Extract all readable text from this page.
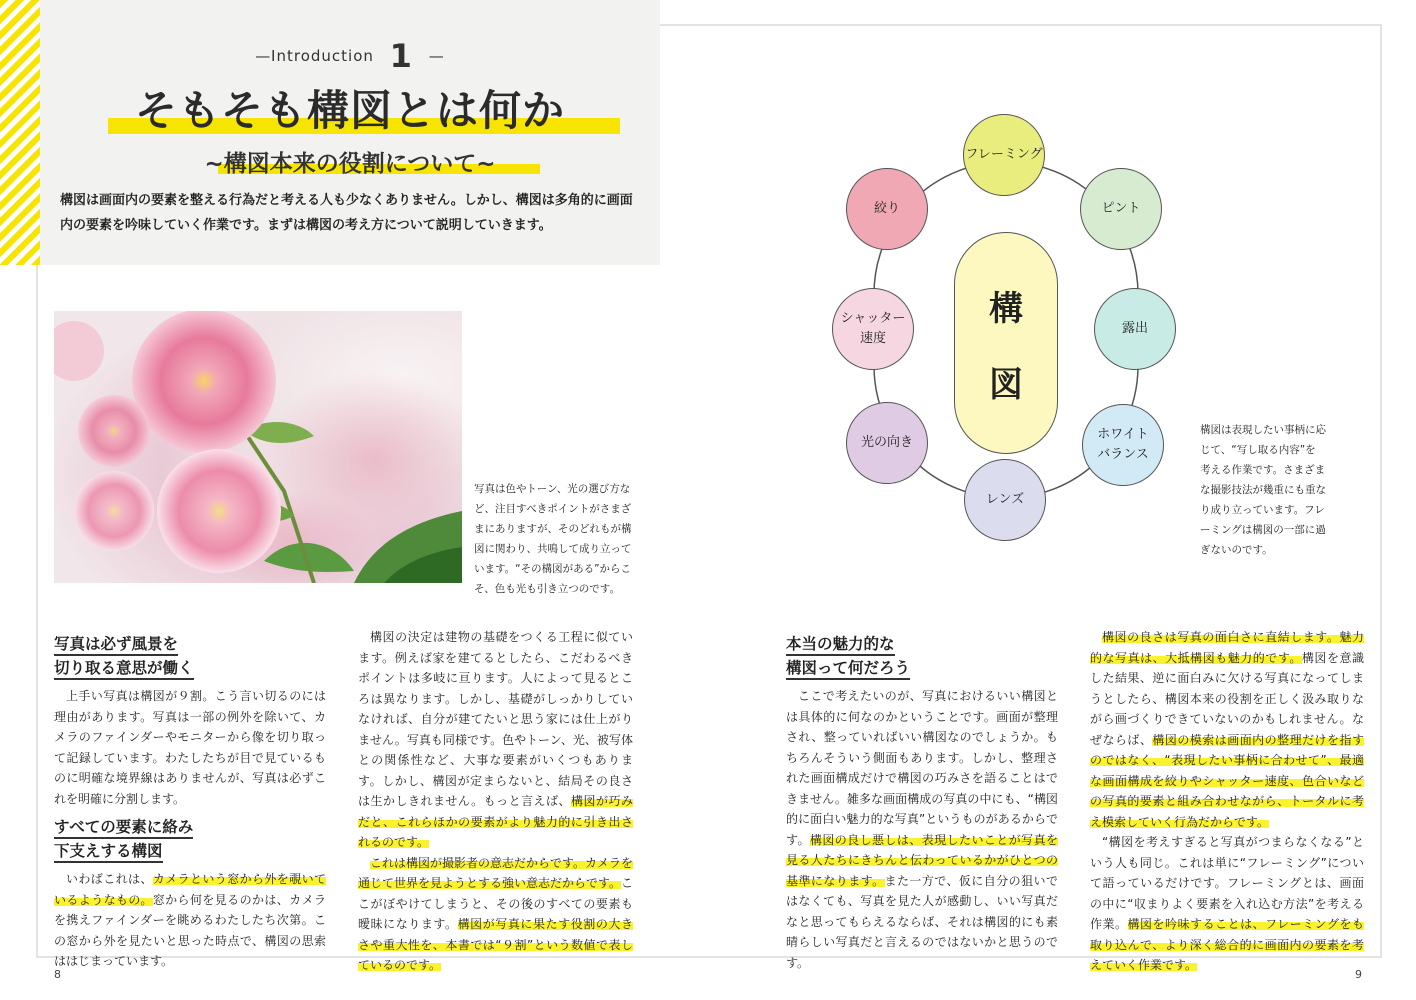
— Introduction 1 —
そもそも構図とは何か
~構図本来の役割について~
構図は画面内の要素を整える行為だと考える人も少なくありません。しかし、構図は多角的に画面内の要素を吟味していく作業です。まずは構図の考え方について説明していきます。
写真は色やトーン、光の選び方など、注目すべきポイントがさまざまにありますが、そのどれもが構図に関わり、共鳴して成り立っています。“その構図がある”からこそ、色も光も引き立つのです。
写真は必ず風景を
切り取る意思が働く

上手い写真は構図が９割。こう言い切るのには理由があります。写真は一部の例外を除いて、カメラのファインダーやモニターから像を切り取って記録しています。わたしたちが目で見ているものに明確な境界線はありませんが、写真は必ずこれを明確に分割します。

すべての要素に絡み
下支えする構図

いわばこれは、カメラという窓から外を覗いているようなもの。窓から何を見るのかは、カメラを携えファインダーを眺めるわたしたち次第。この窓から外を見たいと思った時点で、構図の思索ははじまっています。

構図の決定は建物の基礎をつくる工程に似ています。例えば家を建てるとしたら、こだわるべきポイントは多岐に亘ります。人によって見るところは異なります。しかし、基礎がしっかりしていなければ、自分が建てたいと思う家には仕上がりません。写真も同様です。色やトーン、光、被写体との関係性など、大事な要素がいくつもあります。しかし、構図が定まらないと、結局その良さは生かしきれません。もっと言えば、構図が巧みだと、これらほかの要素がより魅力的に引き出されるのです。

これは構図が撮影者の意志だからです。カメラを通じて世界を見ようとする強い意志だからです。ここがぼやけてしまうと、その後のすべての要素も曖昧になります。構図が写真に果たす役割の大きさや重大性を、本書では“９割”という数値で表しているのです。

構
図
フレーミング
ピント
露出
ホワイト
バランス
レンズ
光の向き
シャッター
速度
絞り
構図は表現したい事柄に応じて、“写し取る内容”を考える作業です。さまざまな撮影技法が幾重にも重なり成り立っています。フレーミングは構図の一部に過ぎないのです。
本当の魅力的な
構図って何だろう

ここで考えたいのが、写真におけるいい構図とは具体的に何なのかということです。画面が整理され、整っていればいい構図なのでしょうか。もちろんそういう側面もあります。しかし、整理された画面構成だけで構図の巧みさを語ることはできません。雑多な画面構成の写真の中にも、“構図的に面白い魅力的な写真”というものがあるからです。構図の良し悪しは、表現したいことが写真を見る人たちにきちんと伝わっているかがひとつの基準になります。また一方で、仮に自分の狙いではなくても、写真を見た人が感動し、いい写真だなと思ってもらえるならば、それは構図的にも素晴らしい写真だと言えるのではないかと思うのです。

構図の良さは写真の面白さに直結します。魅力的な写真は、大抵構図も魅力的です。構図を意識した結果、逆に面白みに欠ける写真になってしまうとしたら、構図本来の役割を正しく汲み取りながら画づくりできていないのかもしれません。なぜならば、構図の模索は画面内の整理だけを指すのではなく、“表現したい事柄に合わせて”、最適な画面構成を絞りやシャッター速度、色合いなどの写真的要素と組み合わせながら、トータルに考え模索していく行為だからです。

“構図を考えすぎると写真がつまらなくなる”という人も同じ。これは単に“フレーミング”について語っているだけです。フレーミングとは、画面の中に“収まりよく要素を入れ込む方法”を考える作業。構図を吟味することは、フレーミングをも取り込んで、より深く総合的に画面内の要素を考えていく作業です。

8	9
